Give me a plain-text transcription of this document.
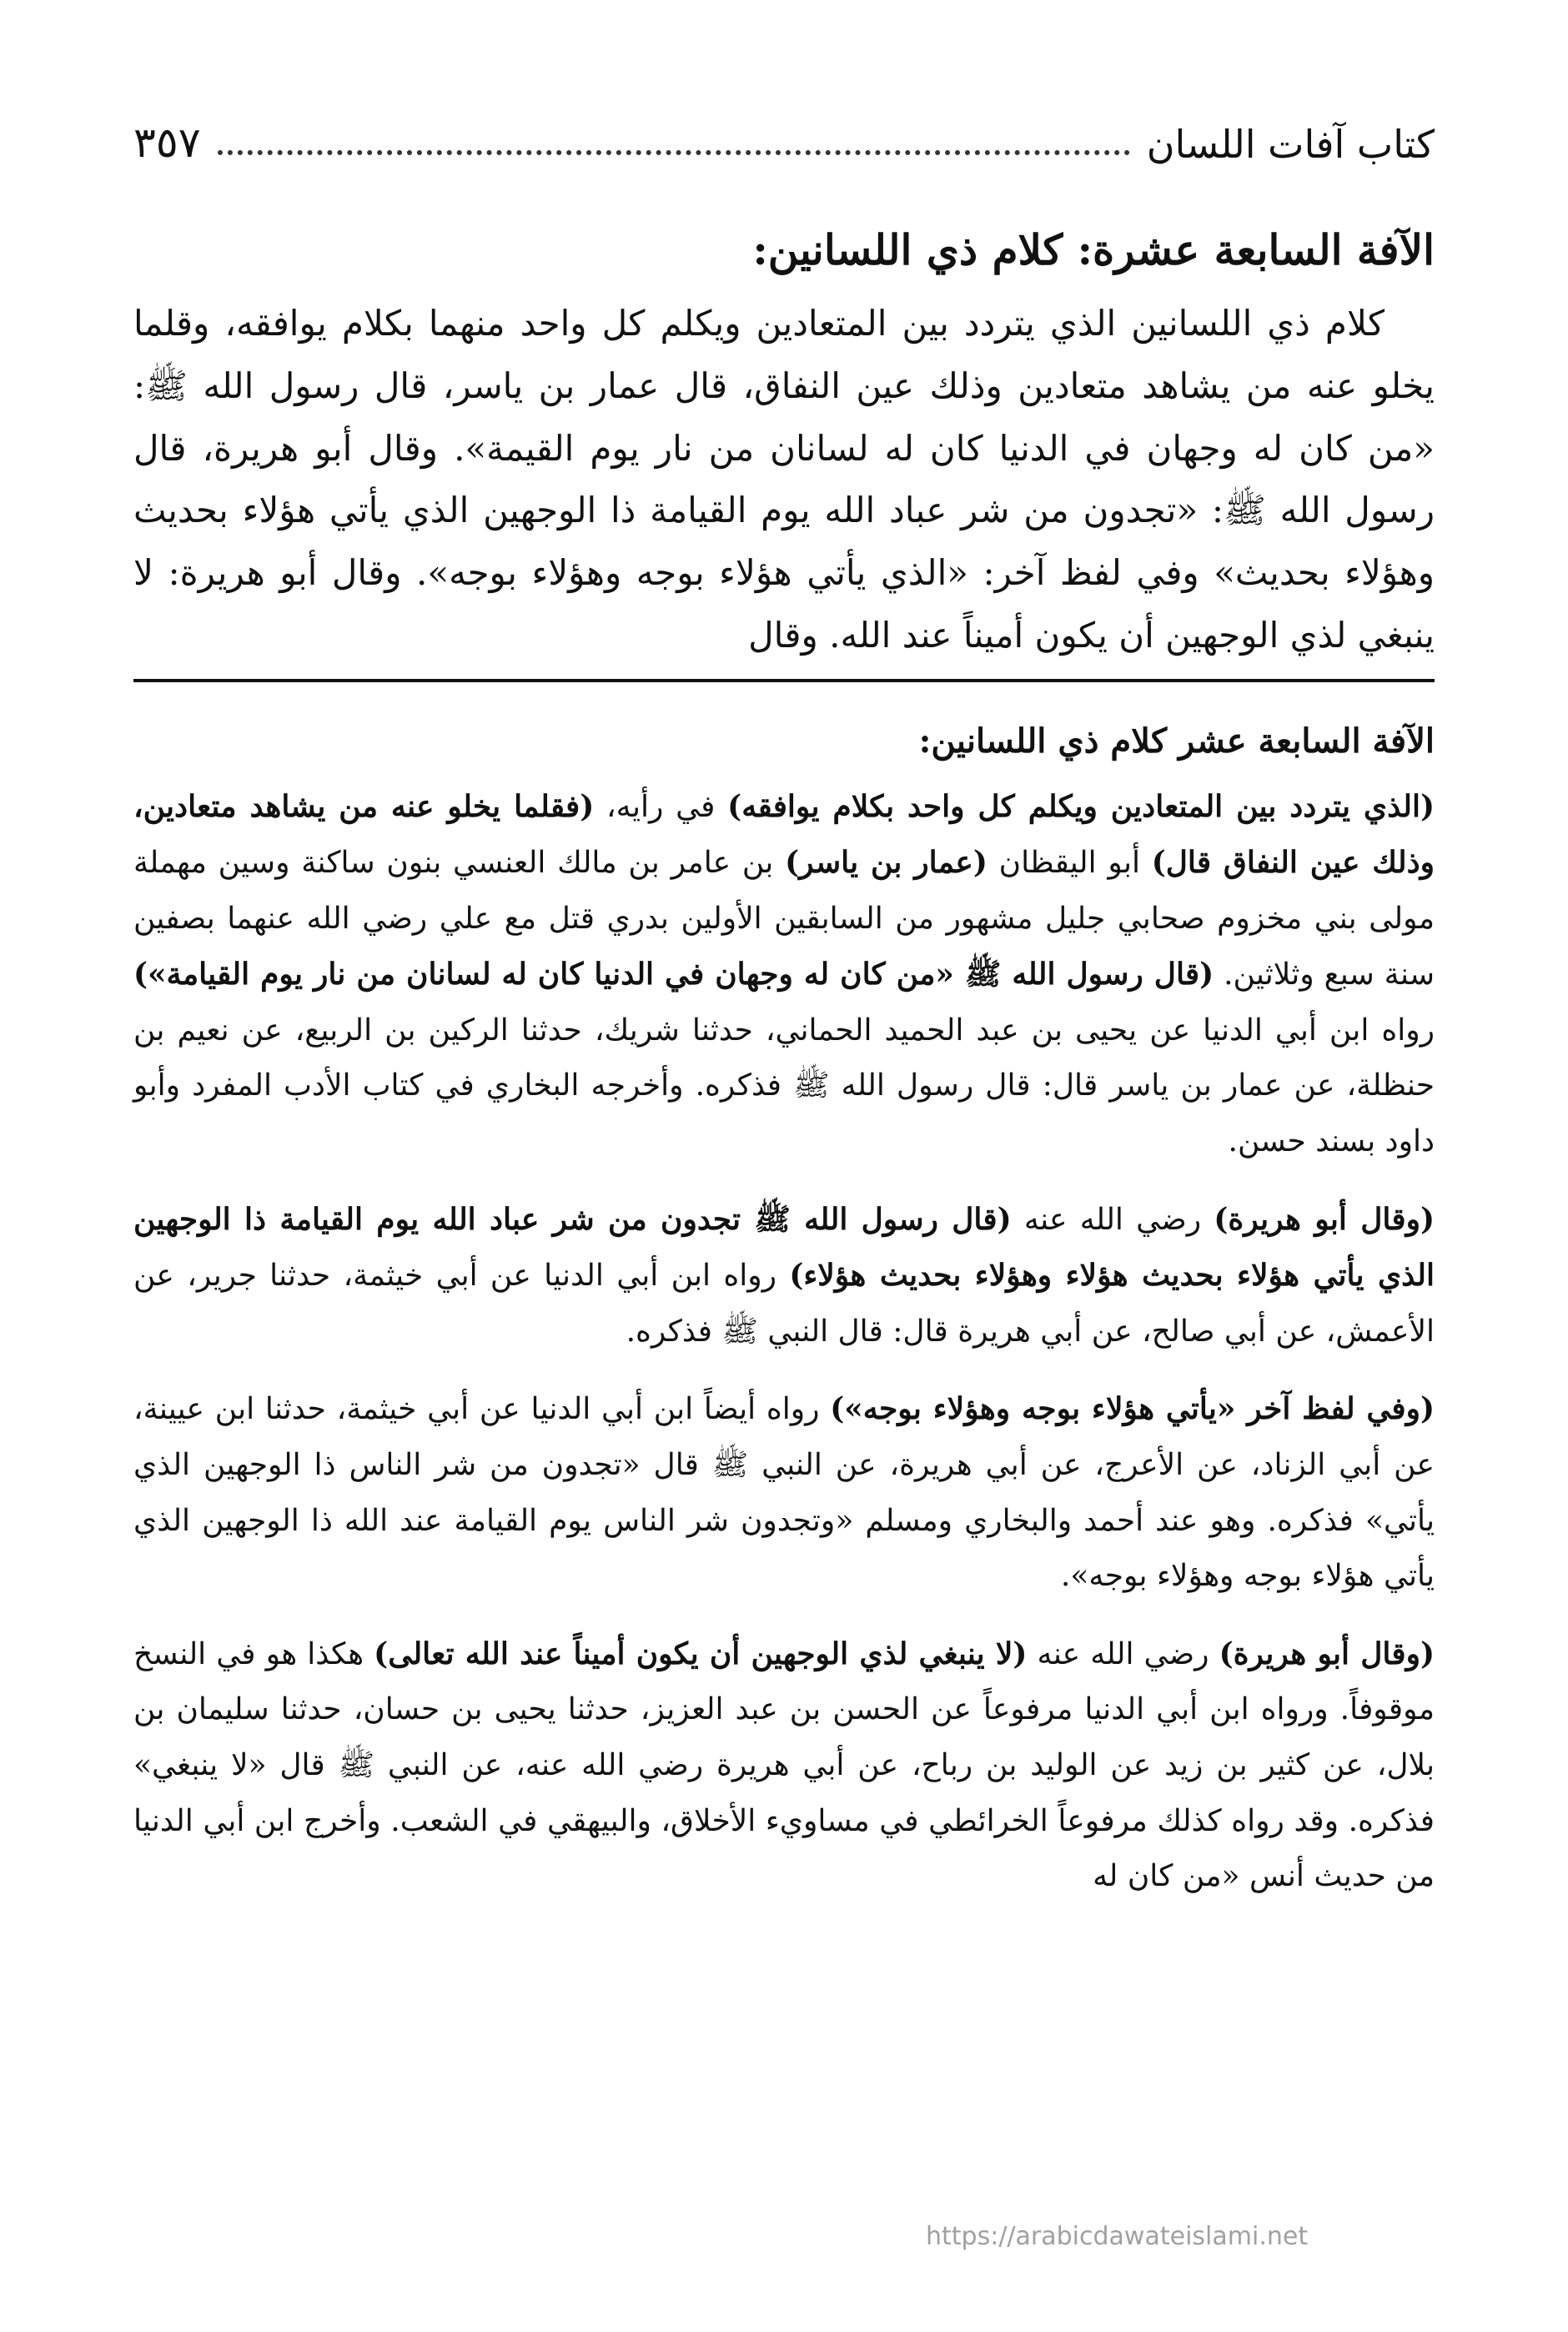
كتاب آفات اللسان
٣٥٧
الآفة السابعة عشرة: كلام ذي اللسانين:

كلام ذي اللسانين الذي يتردد بين المتعادين ويكلم كل واحد منهما بكلام يوافقه، وقلما يخلو عنه من يشاهد متعادين وذلك عين النفاق، قال عمار بن ياسر، قال رسول الله ﷺ: «من كان له وجهان في الدنيا كان له لسانان من نار يوم القيمة». وقال أبو هريرة، قال رسول الله ﷺ: «تجدون من شر عباد الله يوم القيامة ذا الوجهين الذي يأتي هؤلاء بحديث وهؤلاء بحديث» وفي لفظ آخر: «الذي يأتي هؤلاء بوجه وهؤلاء بوجه». وقال أبو هريرة: لا ينبغي لذي الوجهين أن يكون أميناً عند الله. وقال

الآفة السابعة عشر كلام ذي اللسانين:

(الذي يتردد بين المتعادين ويكلم كل واحد بكلام يوافقه) في رأيه، (فقلما يخلو عنه من يشاهد متعادين، وذلك عين النفاق قال) أبو اليقظان (عمار بن ياسر) بن عامر بن مالك العنسي بنون ساكنة وسين مهملة مولى بني مخزوم صحابي جليل مشهور من السابقين الأولين بدري قتل مع علي رضي الله عنهما بصفين سنة سبع وثلاثين. (قال رسول الله ﷺ «من كان له وجهان في الدنيا كان له لسانان من نار يوم القيامة») رواه ابن أبي الدنيا عن يحيى بن عبد الحميد الحماني، حدثنا شريك، حدثنا الركين بن الربيع، عن نعيم بن حنظلة، عن عمار بن ياسر قال: قال رسول الله ﷺ فذكره. وأخرجه البخاري في كتاب الأدب المفرد وأبو داود بسند حسن.

(وقال أبو هريرة) رضي الله عنه (قال رسول الله ﷺ تجدون من شر عباد الله يوم القيامة ذا الوجهين الذي يأتي هؤلاء بحديث هؤلاء وهؤلاء بحديث هؤلاء) رواه ابن أبي الدنيا عن أبي خيثمة، حدثنا جرير، عن الأعمش، عن أبي صالح، عن أبي هريرة قال: قال النبي ﷺ فذكره.

(وفي لفظ آخر «يأتي هؤلاء بوجه وهؤلاء بوجه») رواه أيضاً ابن أبي الدنيا عن أبي خيثمة، حدثنا ابن عيينة، عن أبي الزناد، عن الأعرج، عن أبي هريرة، عن النبي ﷺ قال «تجدون من شر الناس ذا الوجهين الذي يأتي» فذكره. وهو عند أحمد والبخاري ومسلم «وتجدون شر الناس يوم القيامة عند الله ذا الوجهين الذي يأتي هؤلاء بوجه وهؤلاء بوجه».

(وقال أبو هريرة) رضي الله عنه (لا ينبغي لذي الوجهين أن يكون أميناً عند الله تعالى) هكذا هو في النسخ موقوفاً. ورواه ابن أبي الدنيا مرفوعاً عن الحسن بن عبد العزيز، حدثنا يحيى بن حسان، حدثنا سليمان بن بلال، عن كثير بن زيد عن الوليد بن رباح، عن أبي هريرة رضي الله عنه، عن النبي ﷺ قال «لا ينبغي» فذكره. وقد رواه كذلك مرفوعاً الخرائطي في مساويء الأخلاق، والبيهقي في الشعب. وأخرج ابن أبي الدنيا من حديث أنس «من كان له

https://arabicdawateislami.net
